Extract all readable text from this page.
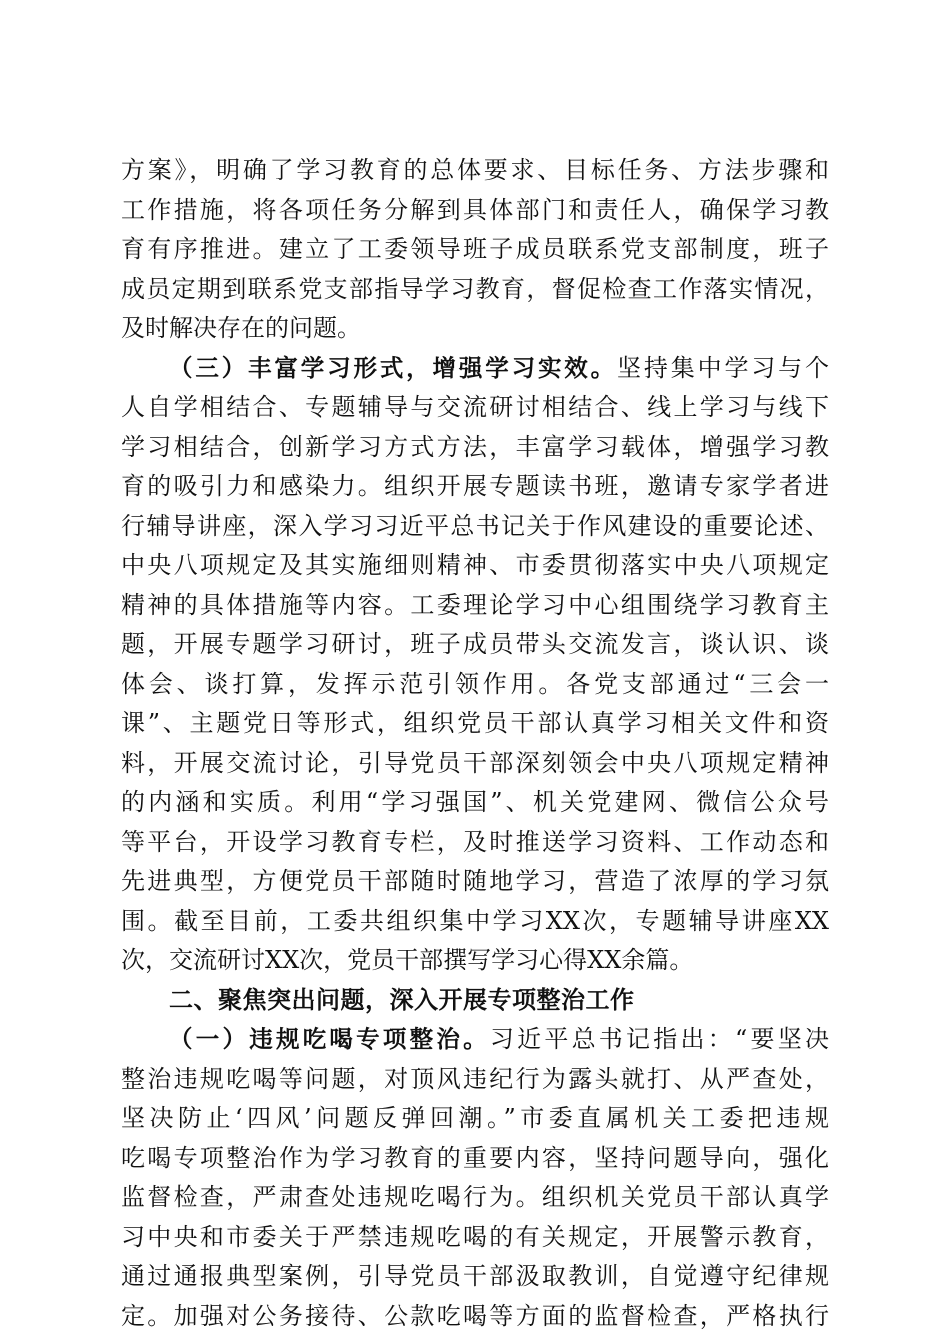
方案》，明确了学习教育的总体要求、目标任务、方法步骤和
工作措施，将各项任务分解到具体部门和责任人，确保学习教
育有序推进。建立了工委领导班子成员联系党支部制度，班子
成员定期到联系党支部指导学习教育，督促检查工作落实情况，
及时解决存在的问题。
（三）丰富学习形式，增强学习实效。坚持集中学习与个
人自学相结合、专题辅导与交流研讨相结合、线上学习与线下
学习相结合，创新学习方式方法，丰富学习载体，增强学习教
育的吸引力和感染力。组织开展专题读书班，邀请专家学者进
行辅导讲座，深入学习习近平总书记关于作风建设的重要论述、
中央八项规定及其实施细则精神、市委贯彻落实中央八项规定
精神的具体措施等内容。工委理论学习中心组围绕学习教育主
题，开展专题学习研讨，班子成员带头交流发言，谈认识、谈
体会、谈打算，发挥示范引领作用。各党支部通过“三会一
课”、主题党日等形式，组织党员干部认真学习相关文件和资
料，开展交流讨论，引导党员干部深刻领会中央八项规定精神
的内涵和实质。利用“学习强国”、机关党建网、微信公众号
等平台，开设学习教育专栏，及时推送学习资料、工作动态和
先进典型，方便党员干部随时随地学习，营造了浓厚的学习氛
围。截至目前，工委共组织集中学习XX次，专题辅导讲座XX
次，交流研讨XX次，党员干部撰写学习心得XX余篇。
二、聚焦突出问题，深入开展专项整治工作
（一）违规吃喝专项整治。习近平总书记指出：“要坚决
整治违规吃喝等问题，对顶风违纪行为露头就打、从严查处，
坚决防止‘四风’问题反弹回潮。”市委直属机关工委把违规
吃喝专项整治作为学习教育的重要内容，坚持问题导向，强化
监督检查，严肃查处违规吃喝行为。组织机关党员干部认真学
习中央和市委关于严禁违规吃喝的有关规定，开展警示教育，
通过通报典型案例，引导党员干部汲取教训，自觉遵守纪律规
定。加强对公务接待、公款吃喝等方面的监督检查，严格执行
